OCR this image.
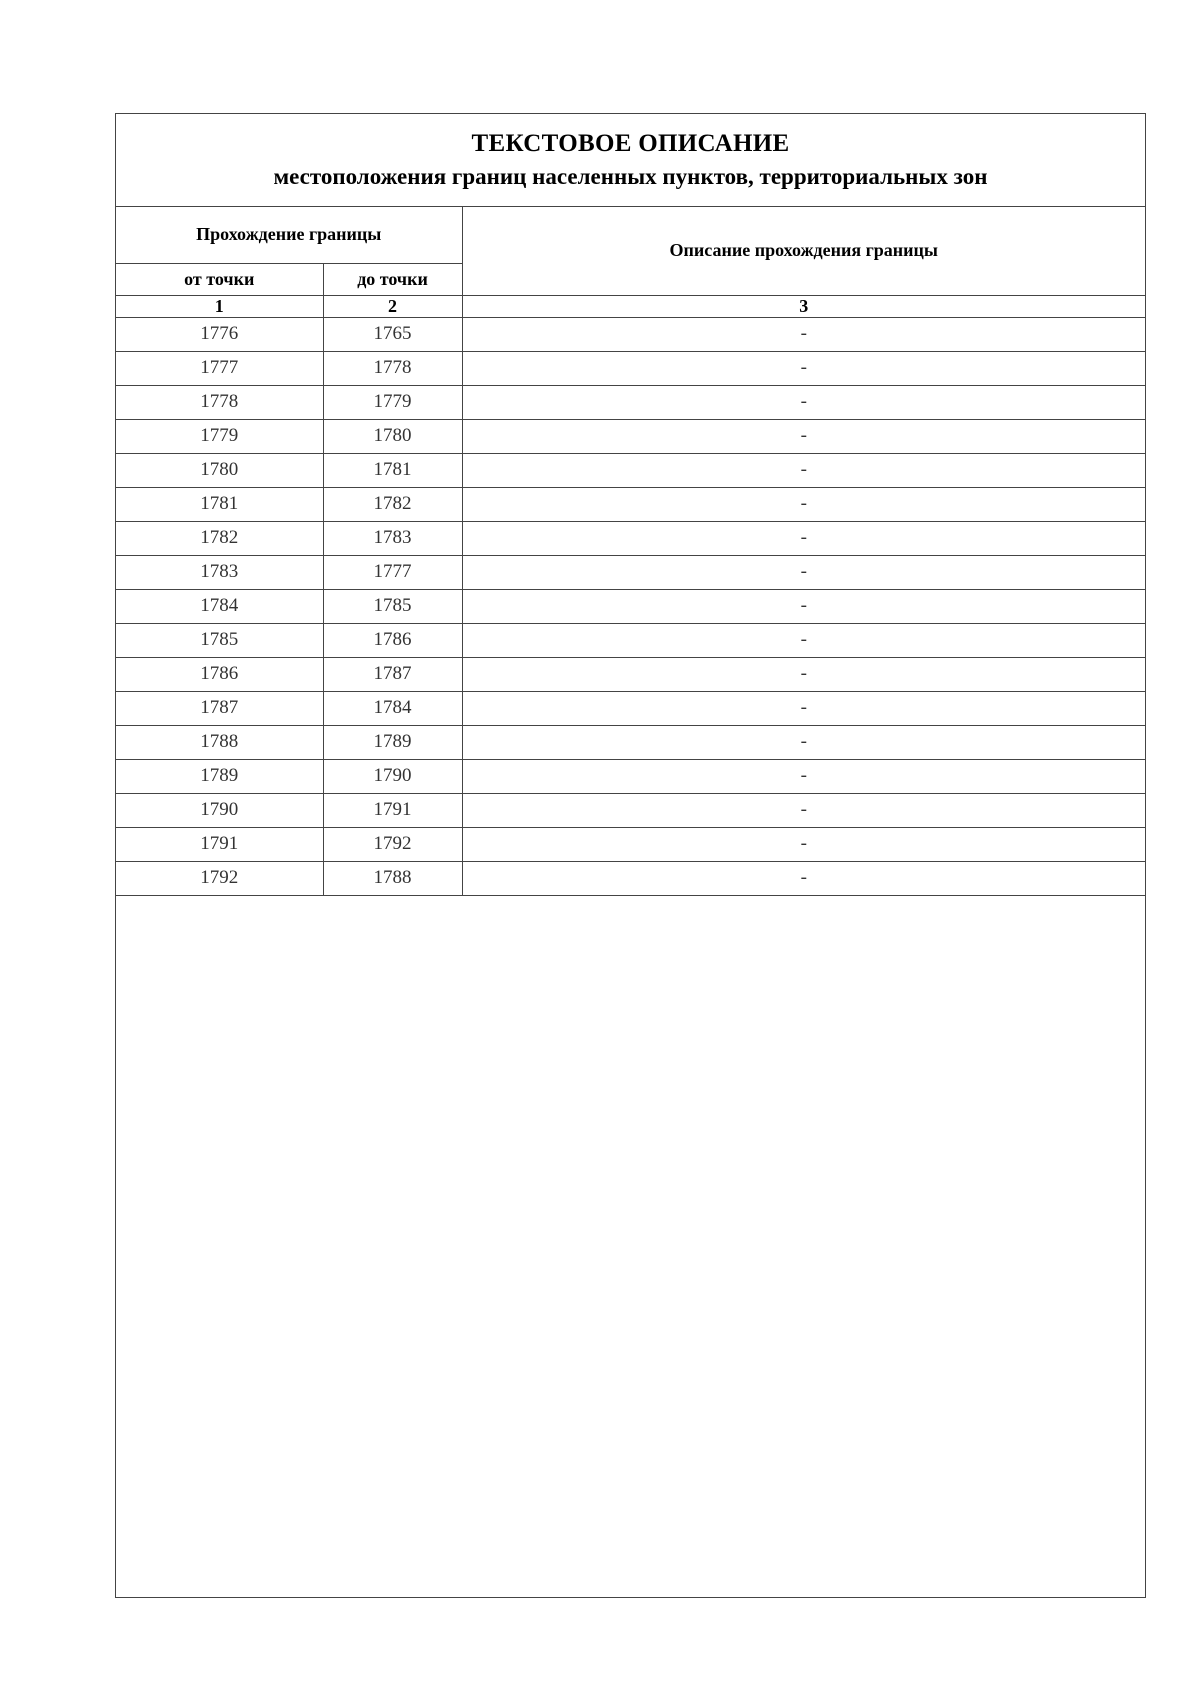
ТЕКСТОВОЕ ОПИСАНИЕ
местоположения границ населенных пунктов, территориальных зон
Прохождение границы		Описание прохождения границы
от точки	до точки	
1	2	3
1776	1765	-
1777	1778	-
1778	1779	-
1779	1780	-
1780	1781	-
1781	1782	-
1782	1783	-
1783	1777	-
1784	1785	-
1785	1786	-
1786	1787	-
1787	1784	-
1788	1789	-
1789	1790	-
1790	1791	-
1791	1792	-
1792	1788	-
